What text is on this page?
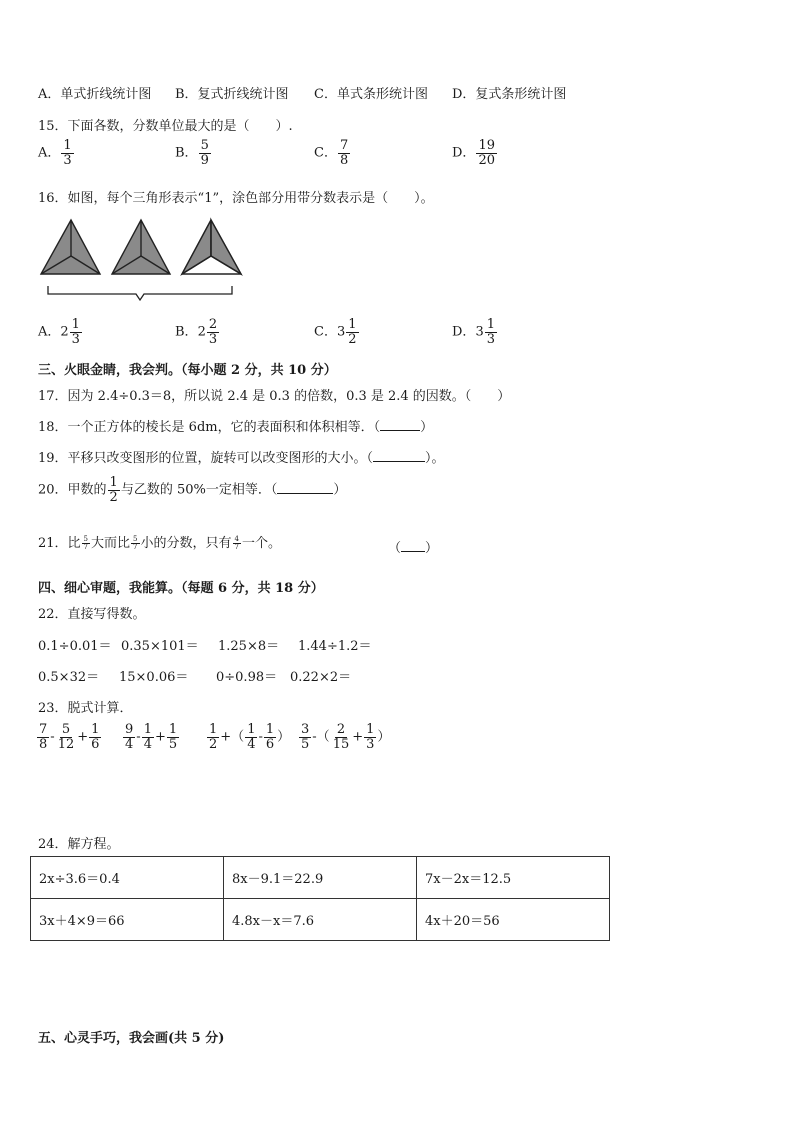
A．单式折线统计图 B．复式折线统计图 C．单式条形统计图 D．复式条形统计图
15．下面各数，分数单位最大的是（　　）.
A． $\frac{1}{3}$	B． $\frac{5}{9}$	C． $\frac{7}{8}$	D． $\frac{19}{20}$
16．如图，每个三角形表示“1”，涂色部分用带分数表示是（　　）。
A．$2 \frac{1}{3}$	B．$2 \frac{2}{3}$	C．$3 \frac{1}{2}$	D．$3 \frac{1}{3}$
三、火眼金睛，我会判。（每小题 2 分，共 10 分）
17．因为 2.4÷0.3＝8，所以说 2.4 是 0.3 的倍数，0.3 是 2.4 的因数。（　　）
18．一个正方体的棱长是 6dm，它的表面积和体积相等．（	）
19．平移只改变图形的位置，旋转可以改变图形的大小。（	）。
20．甲数的 $\frac{1}{2}$ 与乙数的 50%一定相等．（	）
21．比 $\frac{5}{7}$ 大而比 $\frac{5}{7}$ 小的分数，只有 $\frac{4}{7}$ 一个。	（ ）
四、细心审题，我能算。（每题 6 分，共 18 分）
22．直接写得数。
0.1÷0.01＝ 0.35×101＝ 1.25×8＝ 1.44÷1.2＝
0.5×32＝ 15×0.06＝ 0÷0.98＝ 0.22×2＝
23．脱式计算．
$\frac{7}{8} - \frac{5}{12} + \frac{1}{6} \frac{9}{4} - \frac{1}{4} + \frac{1}{5} \frac{1}{2}$ +（ $\frac{1}{4} - \frac{1}{6}$ ） $\frac{3}{5}$ -（ $\frac{2}{15} + \frac{1}{3}$ ）
24．解方程。
2x÷3.6＝0.4	8x－9.1＝22.9	7x－2x＝12.5
3x＋4×9＝66	4.8x－x＝7.6	4x＋20＝56
五、心灵手巧，我会画(共 5 分)
